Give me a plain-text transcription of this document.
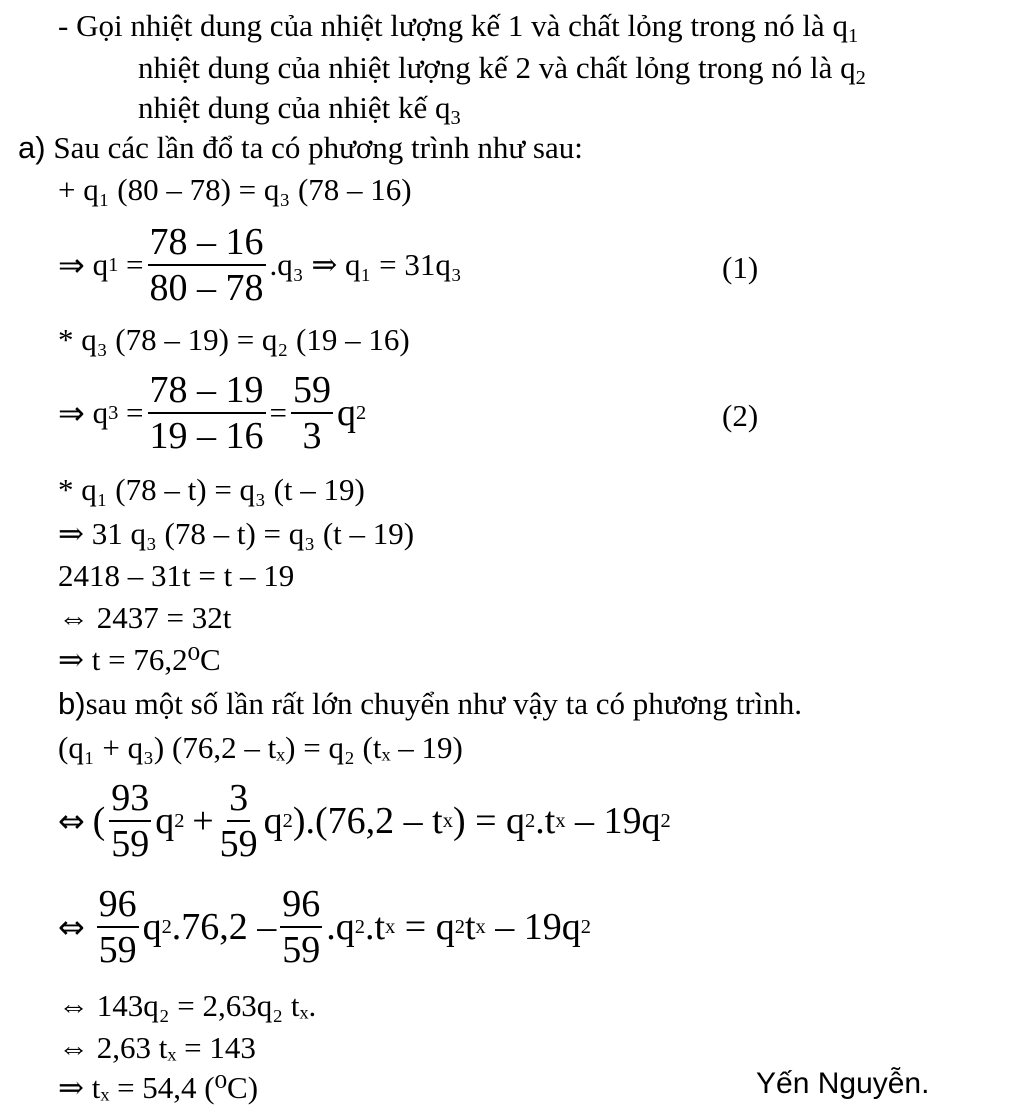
- Gọi nhiệt dung của nhiệt lượng kế 1 và chất lỏng trong nó là $q_1$
nhiệt dung của nhiệt lượng kế 2 và chất lỏng trong nó là $q_2$
nhiệt dung của nhiệt kế $q_3$
a) Sau các lần đổ ta có phương trình như sau:
+ q₁ (80 – 78) = q₃ (78 – 16)
⇒ q $1 = \frac{78 - 16}{80 - 78} .q_3$ ⇒ q₁ = 31q₃	(1)
* q₃ (78 – 19) = q₂ (19 – 16)
⇒ q $3 = \frac{78 - 19}{19 - 16} = \frac{59}{3}$ q 2	(2)
* q₁ (78 – t) = q₃ (t – 19)
⇒ 31 q₃ (78 – t) = q₃ (t – 19)
2418 – 31t = t – 19
⇔ 2437 = 32t
⇒ t = 76,2⁰C
b)sau một số lần rất lớn chuyển như vậy ta có phương trình.
(q₁ + q₃) (76,2 – tₓ) = q₂ (tₓ – 19)
⇔
( $\frac{93}{59}$ q 2
+ $\frac{3}{59}$ q 2 ).(76,2 – t x ) = q 2 .t x – 19q 2
⇔
$\frac{96}{59}$ q 2 $.76,2 - \frac{96}{59} .q$ 2 .t x = q 2 t x – 19q 2
⇔ 143q₂ = 2,63q₂ tₓ.
⇔ 2,63 tₓ = 143
⇒ tₓ = 54,4 (⁰C)	Yến Nguyễn.
